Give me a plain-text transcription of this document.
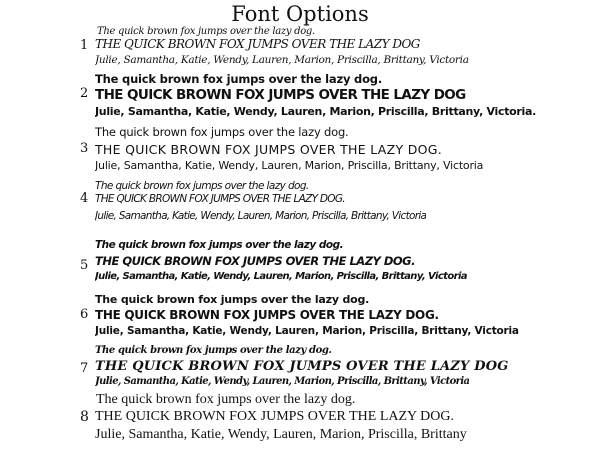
Font Options
1
The quick brown fox jumps over the lazy dog.
THE QUICK BROWN FOX JUMPS OVER THE LAZY DOG
Julie, Samantha, Katie, Wendy, Lauren, Marion, Priscilla, Brittany, Victoria
2
The quick brown fox jumps over the lazy dog.
THE QUICK BROWN FOX JUMPS OVER THE LAZY DOG
Julie, Samantha, Katie, Wendy, Lauren, Marion, Priscilla, Brittany, Victoria.
3
The quick brown fox jumps over the lazy dog.
THE QUICK BROWN FOX JUMPS OVER THE LAZY DOG.
Julie, Samantha, Katie, Wendy, Lauren, Marion, Priscilla, Brittany, Victoria
4
The quick brown fox jumps over the lazy dog.
THE QUICK BROWN FOX JUMPS OVER THE LAZY DOG.
Julie, Samantha, Katie, Wendy, Lauren, Marion, Priscilla, Brittany, Victoria
5
The quick brown fox jumps over the lazy dog.
THE QUICK BROWN FOX JUMPS OVER THE LAZY DOG.
Julie, Samantha, Katie, Wendy, Lauren, Marion, Priscilla, Brittany, Victoria
6
The quick brown fox jumps over the lazy dog.
THE QUICK BROWN FOX JUMPS OVER THE LAZY DOG.
Julie, Samantha, Katie, Wendy, Lauren, Marion, Priscilla, Brittany, Victoria
7
The quick brown fox jumps over the lazy dog.
THE QUICK BROWN FOX JUMPS OVER THE LAZY DOG
Julie, Samantha, Katie, Wendy, Lauren, Marion, Priscilla, Brittany, Victoria
8
The quick brown fox jumps over the lazy dog.
THE QUICK BROWN FOX JUMPS OVER THE LAZY DOG.
Julie, Samantha, Katie, Wendy, Lauren, Marion, Priscilla, Brittany
